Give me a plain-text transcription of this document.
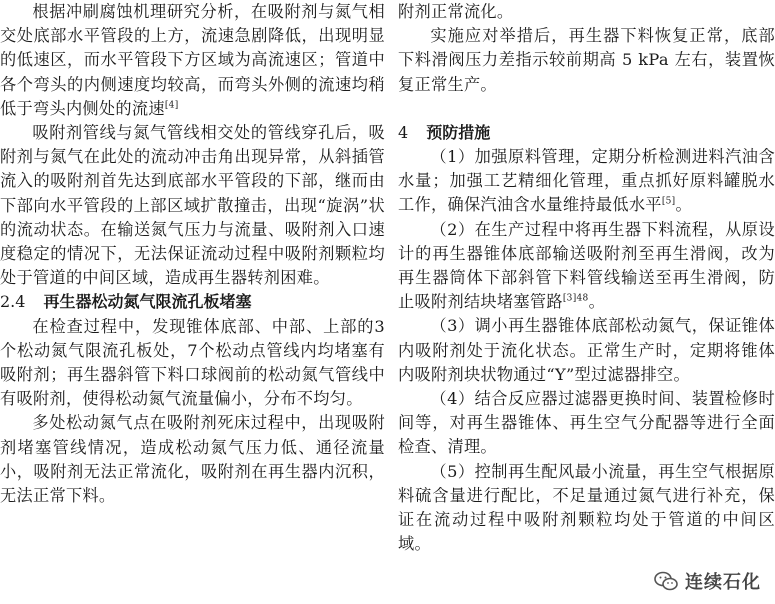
根据冲刷腐蚀机理研究分析，在吸附剂与氮气相交处底部水平管段的上方，流速急剧降低，出现明显的低速区，而水平管段下方区域为高流速区；管道中各个弯头的内侧速度均较高，而弯头外侧的流速均稍低于弯头内侧处的流速[4]

吸附剂管线与氮气管线相交处的管线穿孔后，吸附剂与氮气在此处的流动冲击角出现异常，从斜插管流入的吸附剂首先达到底部水平管段的下部，继而由下部向水平管段的上部区域扩散撞击，出现“旋涡”状的流动状态。在输送氮气压力与流量、吸附剂入口速度稳定的情况下，无法保证流动过程中吸附剂颗粒均处于管道的中间区域，造成再生器转剂困难。

2.4 再生器松动氮气限流孔板堵塞

在检查过程中，发现锥体底部、中部、上部的3个松动氮气限流孔板处，7个松动点管线内均堵塞有吸附剂；再生器斜管下料口球阀前的松动氮气管线中有吸附剂，使得松动氮气流量偏小，分布不均匀。

多处松动氮气点在吸附剂死床过程中，出现吸附剂堵塞管线情况，造成松动氮气压力低、通径流量小，吸附剂无法正常流化，吸附剂在再生器内沉积，无法正常下料。

附剂正常流化。

实施应对举措后，再生器下料恢复正常，底部下料滑阀压力差指示较前期高 5 kPa 左右，装置恢复正常生产。

4 预防措施

（1）加强原料管理，定期分析检测进料汽油含水量；加强工艺精细化管理，重点抓好原料罐脱水工作，确保汽油含水量维持最低水平[5]。

（2）在生产过程中将再生器下料流程，从原设计的再生器锥体底部输送吸附剂至再生滑阀，改为再生器筒体下部斜管下料管线输送至再生滑阀，防止吸附剂结块堵塞管路$^{[3]48}$。

（3）调小再生器锥体底部松动氮气，保证锥体内吸附剂处于流化状态。正常生产时，定期将锥体内吸附剂块状物通过“Y”型过滤器排空。

（4）结合反应器过滤器更换时间、装置检修时间等，对再生器锥体、再生空气分配器等进行全面检查、清理。

（5）控制再生配风最小流量，再生空气根据原料硫含量进行配比，不足量通过氮气进行补充，保证在流动过程中吸附剂颗粒均处于管道的中间区域。

连续石化
